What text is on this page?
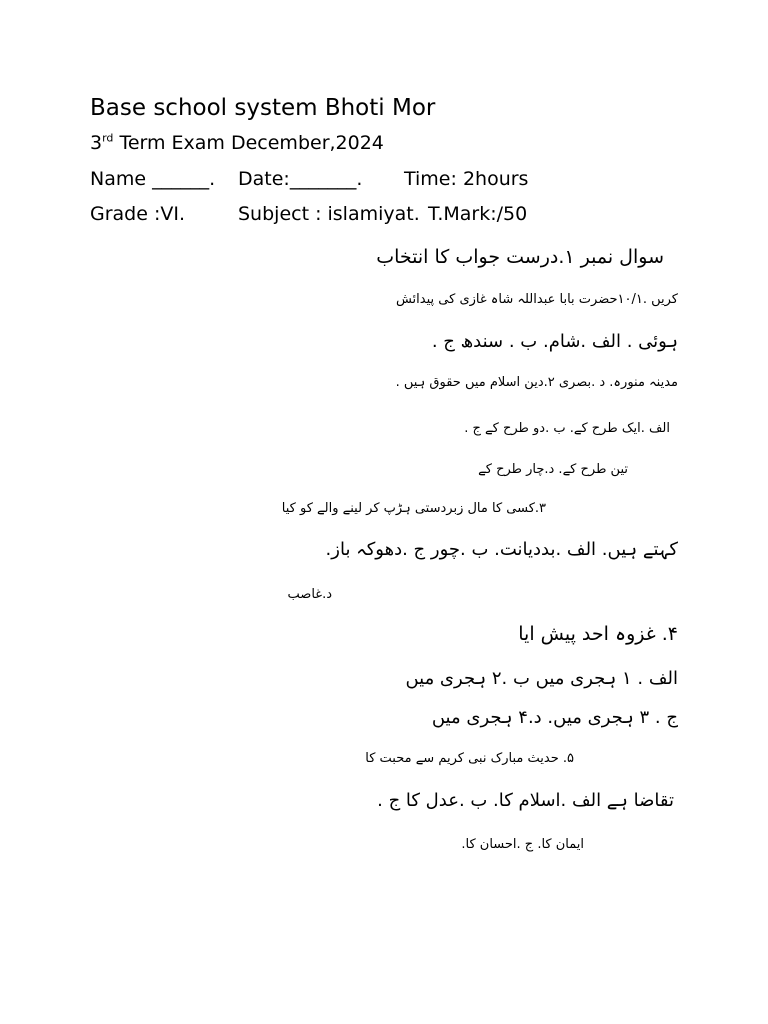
Base school system Bhoti Mor
3rd Term Exam December,2024
Name ______. Date:_______. Time: 2hours
Grade :VI.	Subject : islamiyat. T.Mark:/50
سوال نمبر ۱.درست جواب کا انتخاب
کریں .۱۰/۱حضرت بابا عبداللہ شاہ غازی کی پیدائش
ہوئی . الف .شام. ب . سندھ ج .
مدینہ منورہ. د .بصری ۲.دین اسلام میں حقوق ہیں .
الف .ایک طرح کے. ب .دو طرح کے ج .
تین طرح کے. د.چار طرح کے
۳.کسی کا مال زبردستی ہڑپ کر لینے والے کو کیا
کہتے ہیں. الف .بددیانت. ب .چور ج .دھوکہ باز.
د.غاصب
۴. غزوہ احد پیش ایا
الف . ۱ ہجری میں ب .۲ ہجری میں
ج . ۳ ہجری میں. د.۴ ہجری میں
۵. حدیث مبارک نبی کریم سے محبت کا
تقاضا ہے الف .اسلام کا. ب .عدل کا ج .
ایمان کا. ج .احسان کا.
